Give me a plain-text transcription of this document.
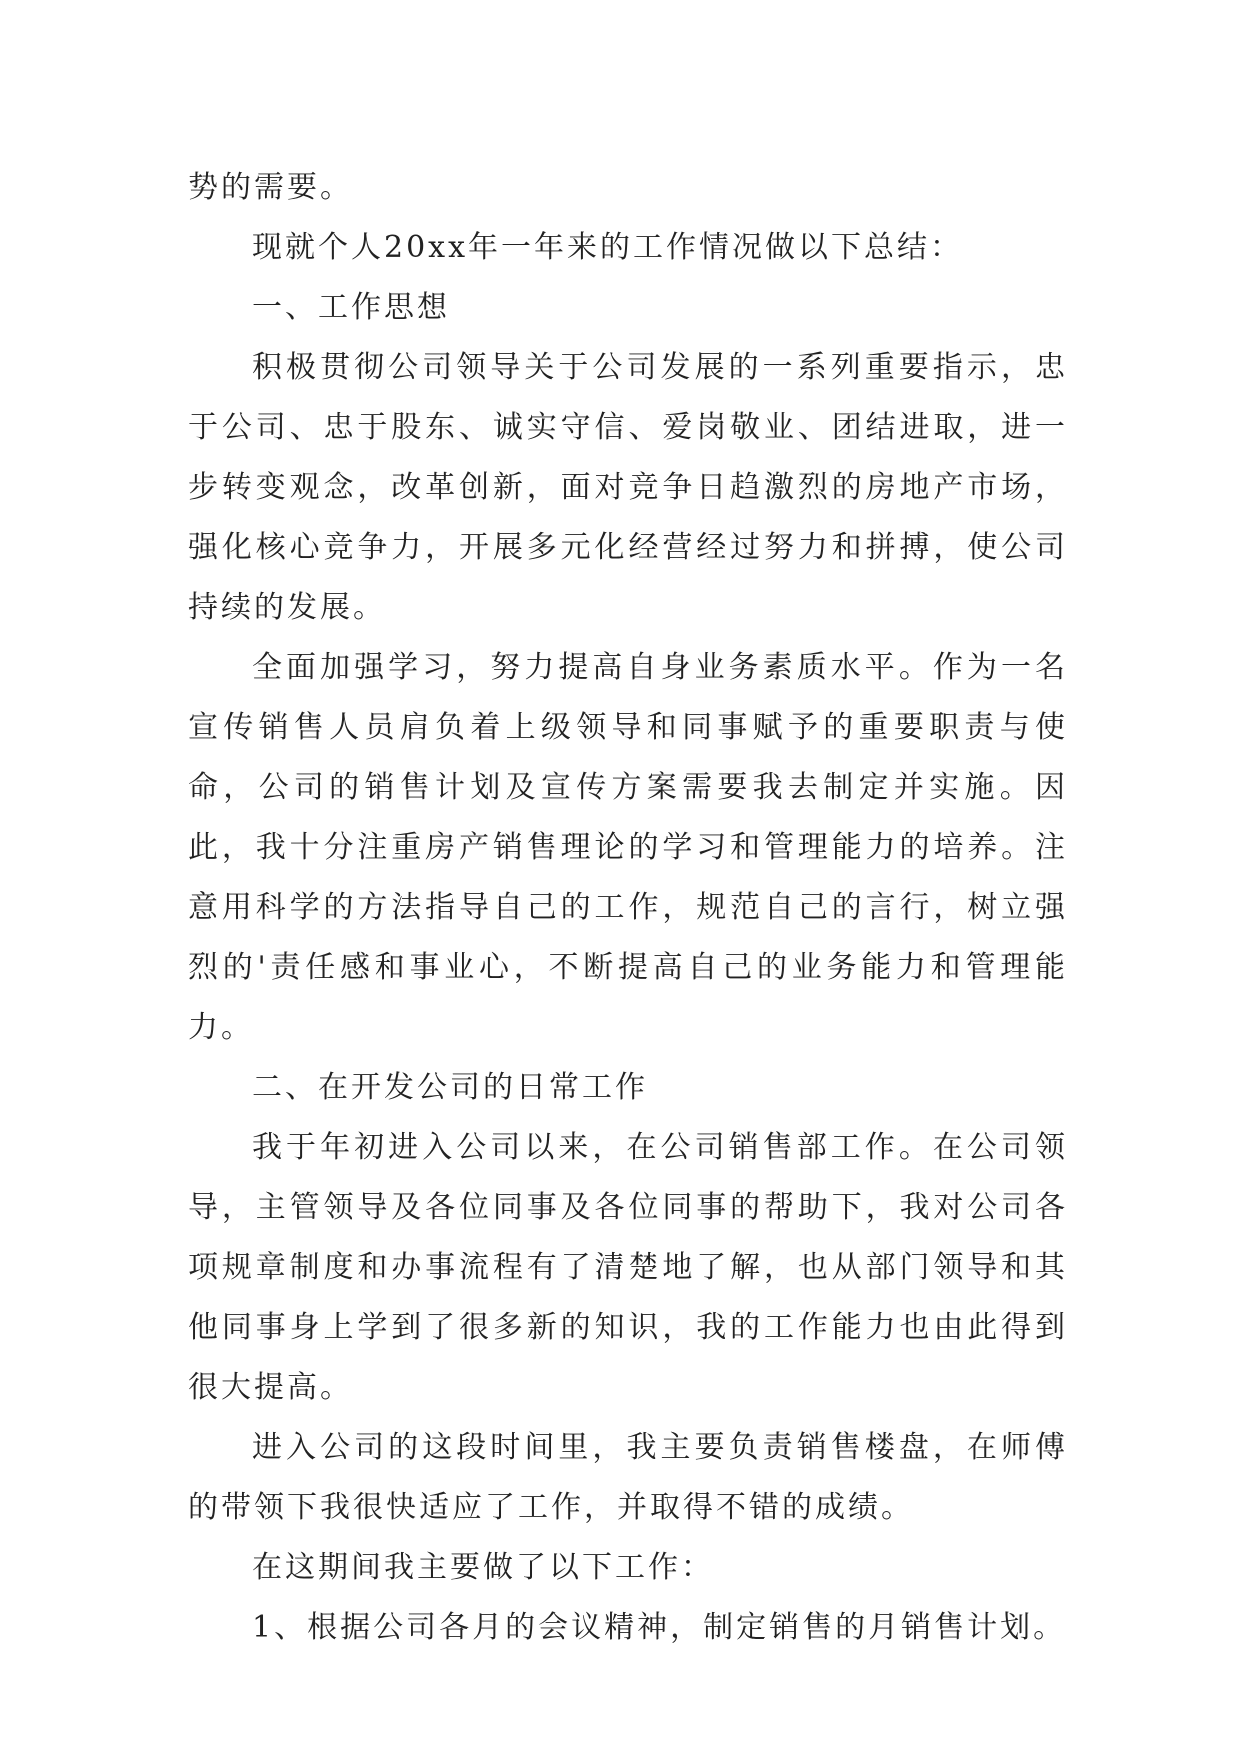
势的需要。

现就个人20xx年一年来的工作情况做以下总结：

一、工作思想

积极贯彻公司领导关于公司发展的一系列重要指示，忠于公司、忠于股东、诚实守信、爱岗敬业、团结进取，进一步转变观念，改革创新，面对竞争日趋激烈的房地产市场，强化核心竞争力，开展多元化经营经过努力和拼搏，使公司持续的发展。

全面加强学习，努力提高自身业务素质水平。作为一名宣传销售人员肩负着上级领导和同事赋予的重要职责与使命，公司的销售计划及宣传方案需要我去制定并实施。因此，我十分注重房产销售理论的学习和管理能力的培养。注意用科学的方法指导自己的工作，规范自己的言行，树立强烈的'责任感和事业心，不断提高自己的业务能力和管理能力。

二、在开发公司的日常工作

我于年初进入公司以来，在公司销售部工作。在公司领导，主管领导及各位同事及各位同事的帮助下，我对公司各项规章制度和办事流程有了清楚地了解，也从部门领导和其他同事身上学到了很多新的知识，我的工作能力也由此得到很大提高。

进入公司的这段时间里，我主要负责销售楼盘，在师傅的带领下我很快适应了工作，并取得不错的成绩。

在这期间我主要做了以下工作：

1、根据公司各月的会议精神，制定销售的月销售计划。
